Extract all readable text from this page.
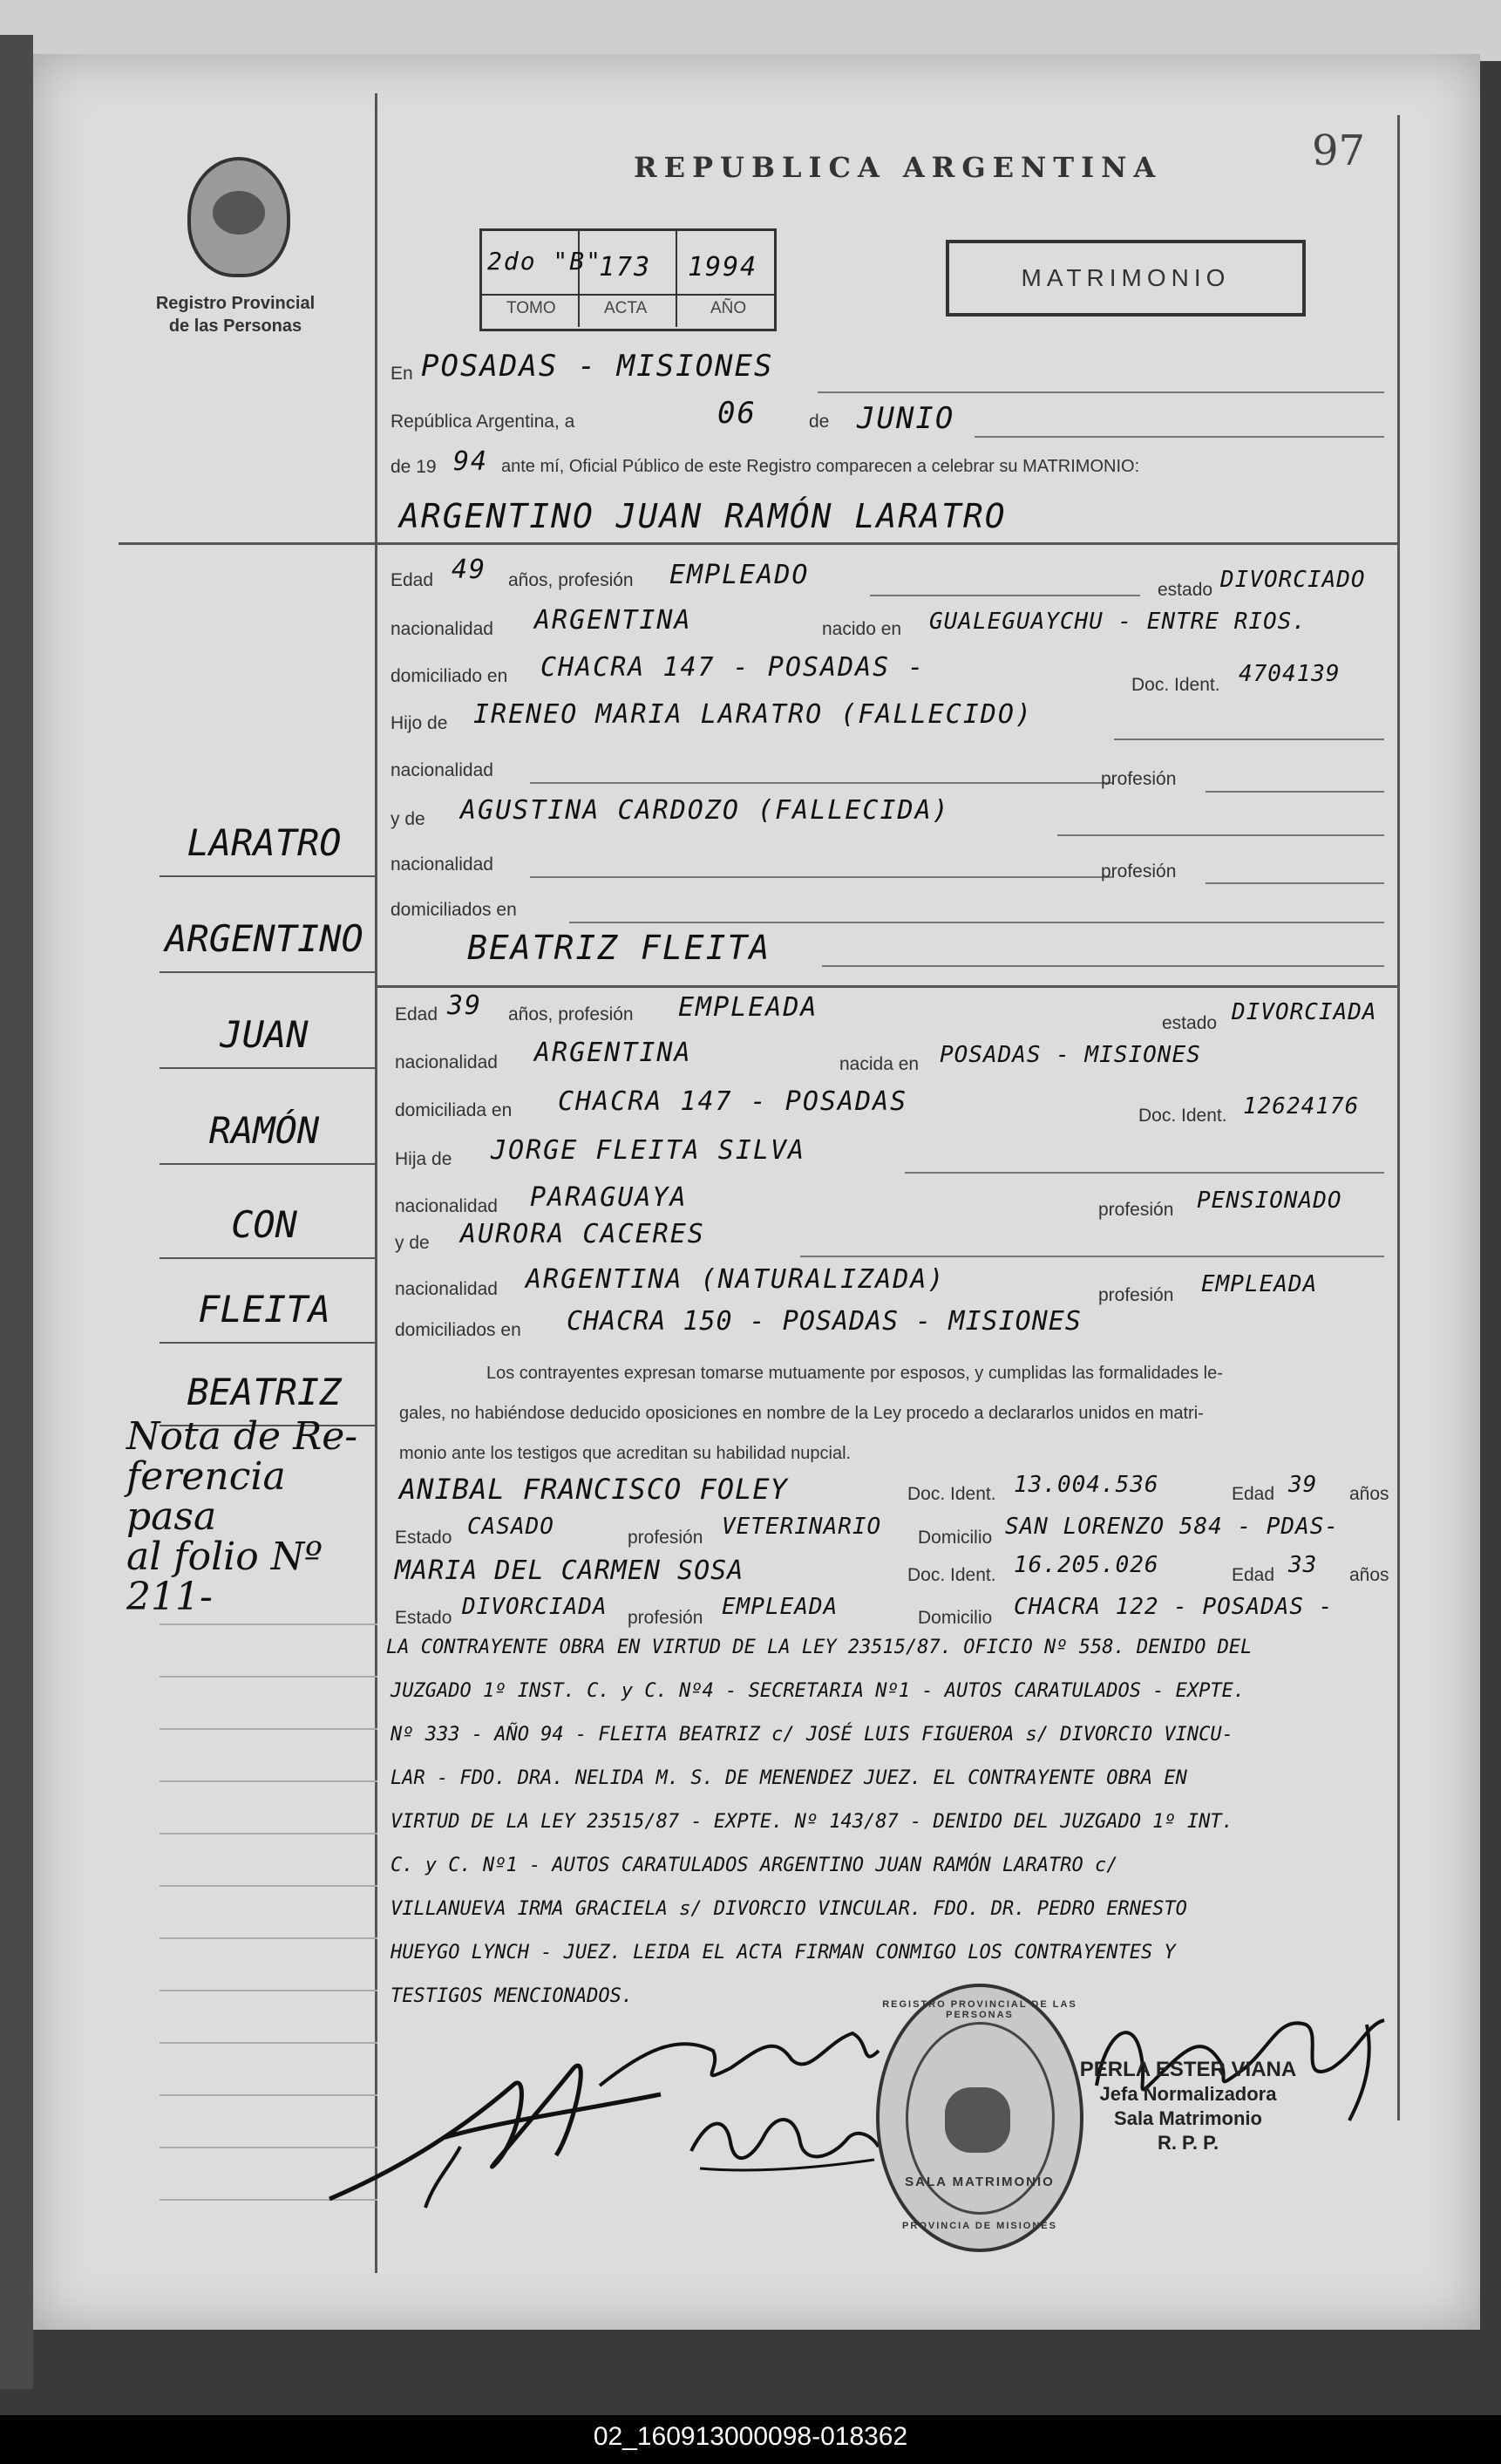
97
Registro Provincial
de las Personas
REPUBLICA ARGENTINA
2do "B"
TOMO
173
ACTA
1994
AÑO
MATRIMONIO
En POSADAS - MISIONES
República Argentina, a	06	de JUNIO
de 19 94 ante mí, Oficial Público de este Registro comparecen a celebrar su MATRIMONIO:
ARGENTINO JUAN RAMÓN LARATRO
Edad 49 años, profesión EMPLEADO	estado DIVORCIADO
nacionalidad ARGENTINA	nacido en GUALEGUAYCHU - ENTRE RIOS.
domiciliado en CHACRA 147 - POSADAS -
Doc. Ident. 4704139
Hijo de IRENEO MARIA LARATRO (FALLECIDO)
nacionalidad	profesión
y de AGUSTINA CARDOZO (FALLECIDA)
nacionalidad	profesión
domiciliados en
BEATRIZ FLEITA
Edad 39 años, profesión EMPLEADA
estado DIVORCIADA
nacionalidad ARGENTINA	nacida en POSADAS - MISIONES
domiciliada en CHACRA 147 - POSADAS	Doc. Ident. 12624176
Hija de JORGE FLEITA SILVA
nacionalidad PARAGUAYA	profesión PENSIONADO
y de AURORA CACERES
nacionalidad ARGENTINA (NATURALIZADA)
profesión EMPLEADA
domiciliados en CHACRA 150 - POSADAS - MISIONES
Los contrayentes expresan tomarse mutuamente por esposos, y cumplidas las formalidades le-
gales, no habiéndose deducido oposiciones en nombre de la Ley procedo a declararlos unidos en matri-
monio ante los testigos que acreditan su habilidad nupcial.
ANIBAL FRANCISCO FOLEY	Doc. Ident. 13.004.536	Edad 39 años
Estado CASADO	profesión VETERINARIO Domicilio SAN LORENZO 584 - PDAS-
MARIA DEL CARMEN SOSA	Doc. Ident. 16.205.026	Edad 33 años
Estado DIVORCIADA profesión EMPLEADA	Domicilio CHACRA 122 - POSADAS -
LA CONTRAYENTE OBRA EN VIRTUD DE LA LEY 23515/87. OFICIO Nº 558. DENIDO DEL
JUZGADO 1º INST. C. y C. Nº4 - SECRETARIA Nº1 - AUTOS CARATULADOS - EXPTE.
Nº 333 - AÑO 94 - FLEITA BEATRIZ c/ JOSÉ LUIS FIGUEROA s/ DIVORCIO VINCU-
LAR - FDO. DRA. NELIDA M. S. DE MENENDEZ JUEZ. EL CONTRAYENTE OBRA EN
VIRTUD DE LA LEY 23515/87 - EXPTE. Nº 143/87 - DENIDO DEL JUZGADO 1º INT.
C. y C. Nº1 - AUTOS CARATULADOS ARGENTINO JUAN RAMÓN LARATRO c/
VILLANUEVA IRMA GRACIELA s/ DIVORCIO VINCULAR. FDO. DR. PEDRO ERNESTO
HUEYGO LYNCH - JUEZ. LEIDA EL ACTA FIRMAN CONMIGO LOS CONTRAYENTES Y
TESTIGOS MENCIONADOS.
LARATRO
ARGENTINO
JUAN
RAMÓN
CON
FLEITA
BEATRIZ
Nota de Re-
ferencia pasa
al folio Nº
211-
REGISTRO PROVINCIAL DE LAS PERSONAS
SALA MATRIMONIO
PROVINCIA DE MISIONES
PERLA ESTER VIANA
Jefa Normalizadora
Sala Matrimonio
R. P. P.
02_160913000098-018362
